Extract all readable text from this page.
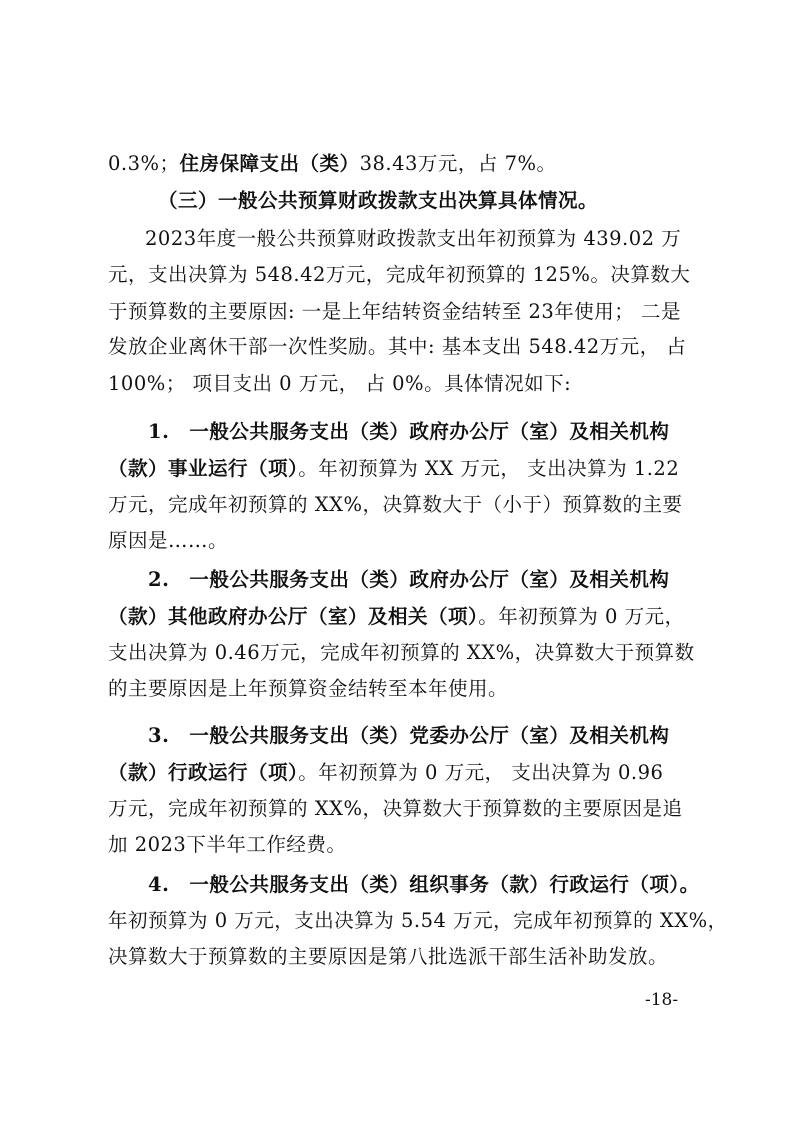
0.3%；住房保障支出（类）38.43万元，占 7%。
（三）一般公共预算财政拨款支出决算具体情况。
2023年度一般公共预算财政拨款支出年初预算为 439.02 万
元，支出决算为 548.42万元，完成年初预算的 125%。决算数大
于预算数的主要原因: 一是上年结转资金结转至 23年使用； 二是
发放企业离休干部一次性奖励。其中: 基本支出 548.42万元， 占
100%； 项目支出 0 万元， 占 0%。具体情况如下:
1.　一般公共服务支出（类）政府办公厅（室）及相关机构
（款）事业运行（项）。年初预算为 XX 万元， 支出决算为 1.22
万元，完成年初预算的 XX%，决算数大于（小于）预算数的主要
原因是……。
2.　一般公共服务支出（类）政府办公厅（室）及相关机构
（款）其他政府办公厅（室）及相关（项）。年初预算为 0 万元，
支出决算为 0.46万元，完成年初预算的 XX%，决算数大于预算数
的主要原因是上年预算资金结转至本年使用。
3.　一般公共服务支出（类）党委办公厅（室）及相关机构
（款）行政运行（项）。年初预算为 0 万元， 支出决算为 0.96
万元，完成年初预算的 XX%，决算数大于预算数的主要原因是追
加 2023下半年工作经费。
4.　一般公共服务支出（类）组织事务（款）行政运行（项）。
年初预算为 0 万元，支出决算为 5.54 万元，完成年初预算的 XX%，
决算数大于预算数的主要原因是第八批选派干部生活补助发放。
-18-
